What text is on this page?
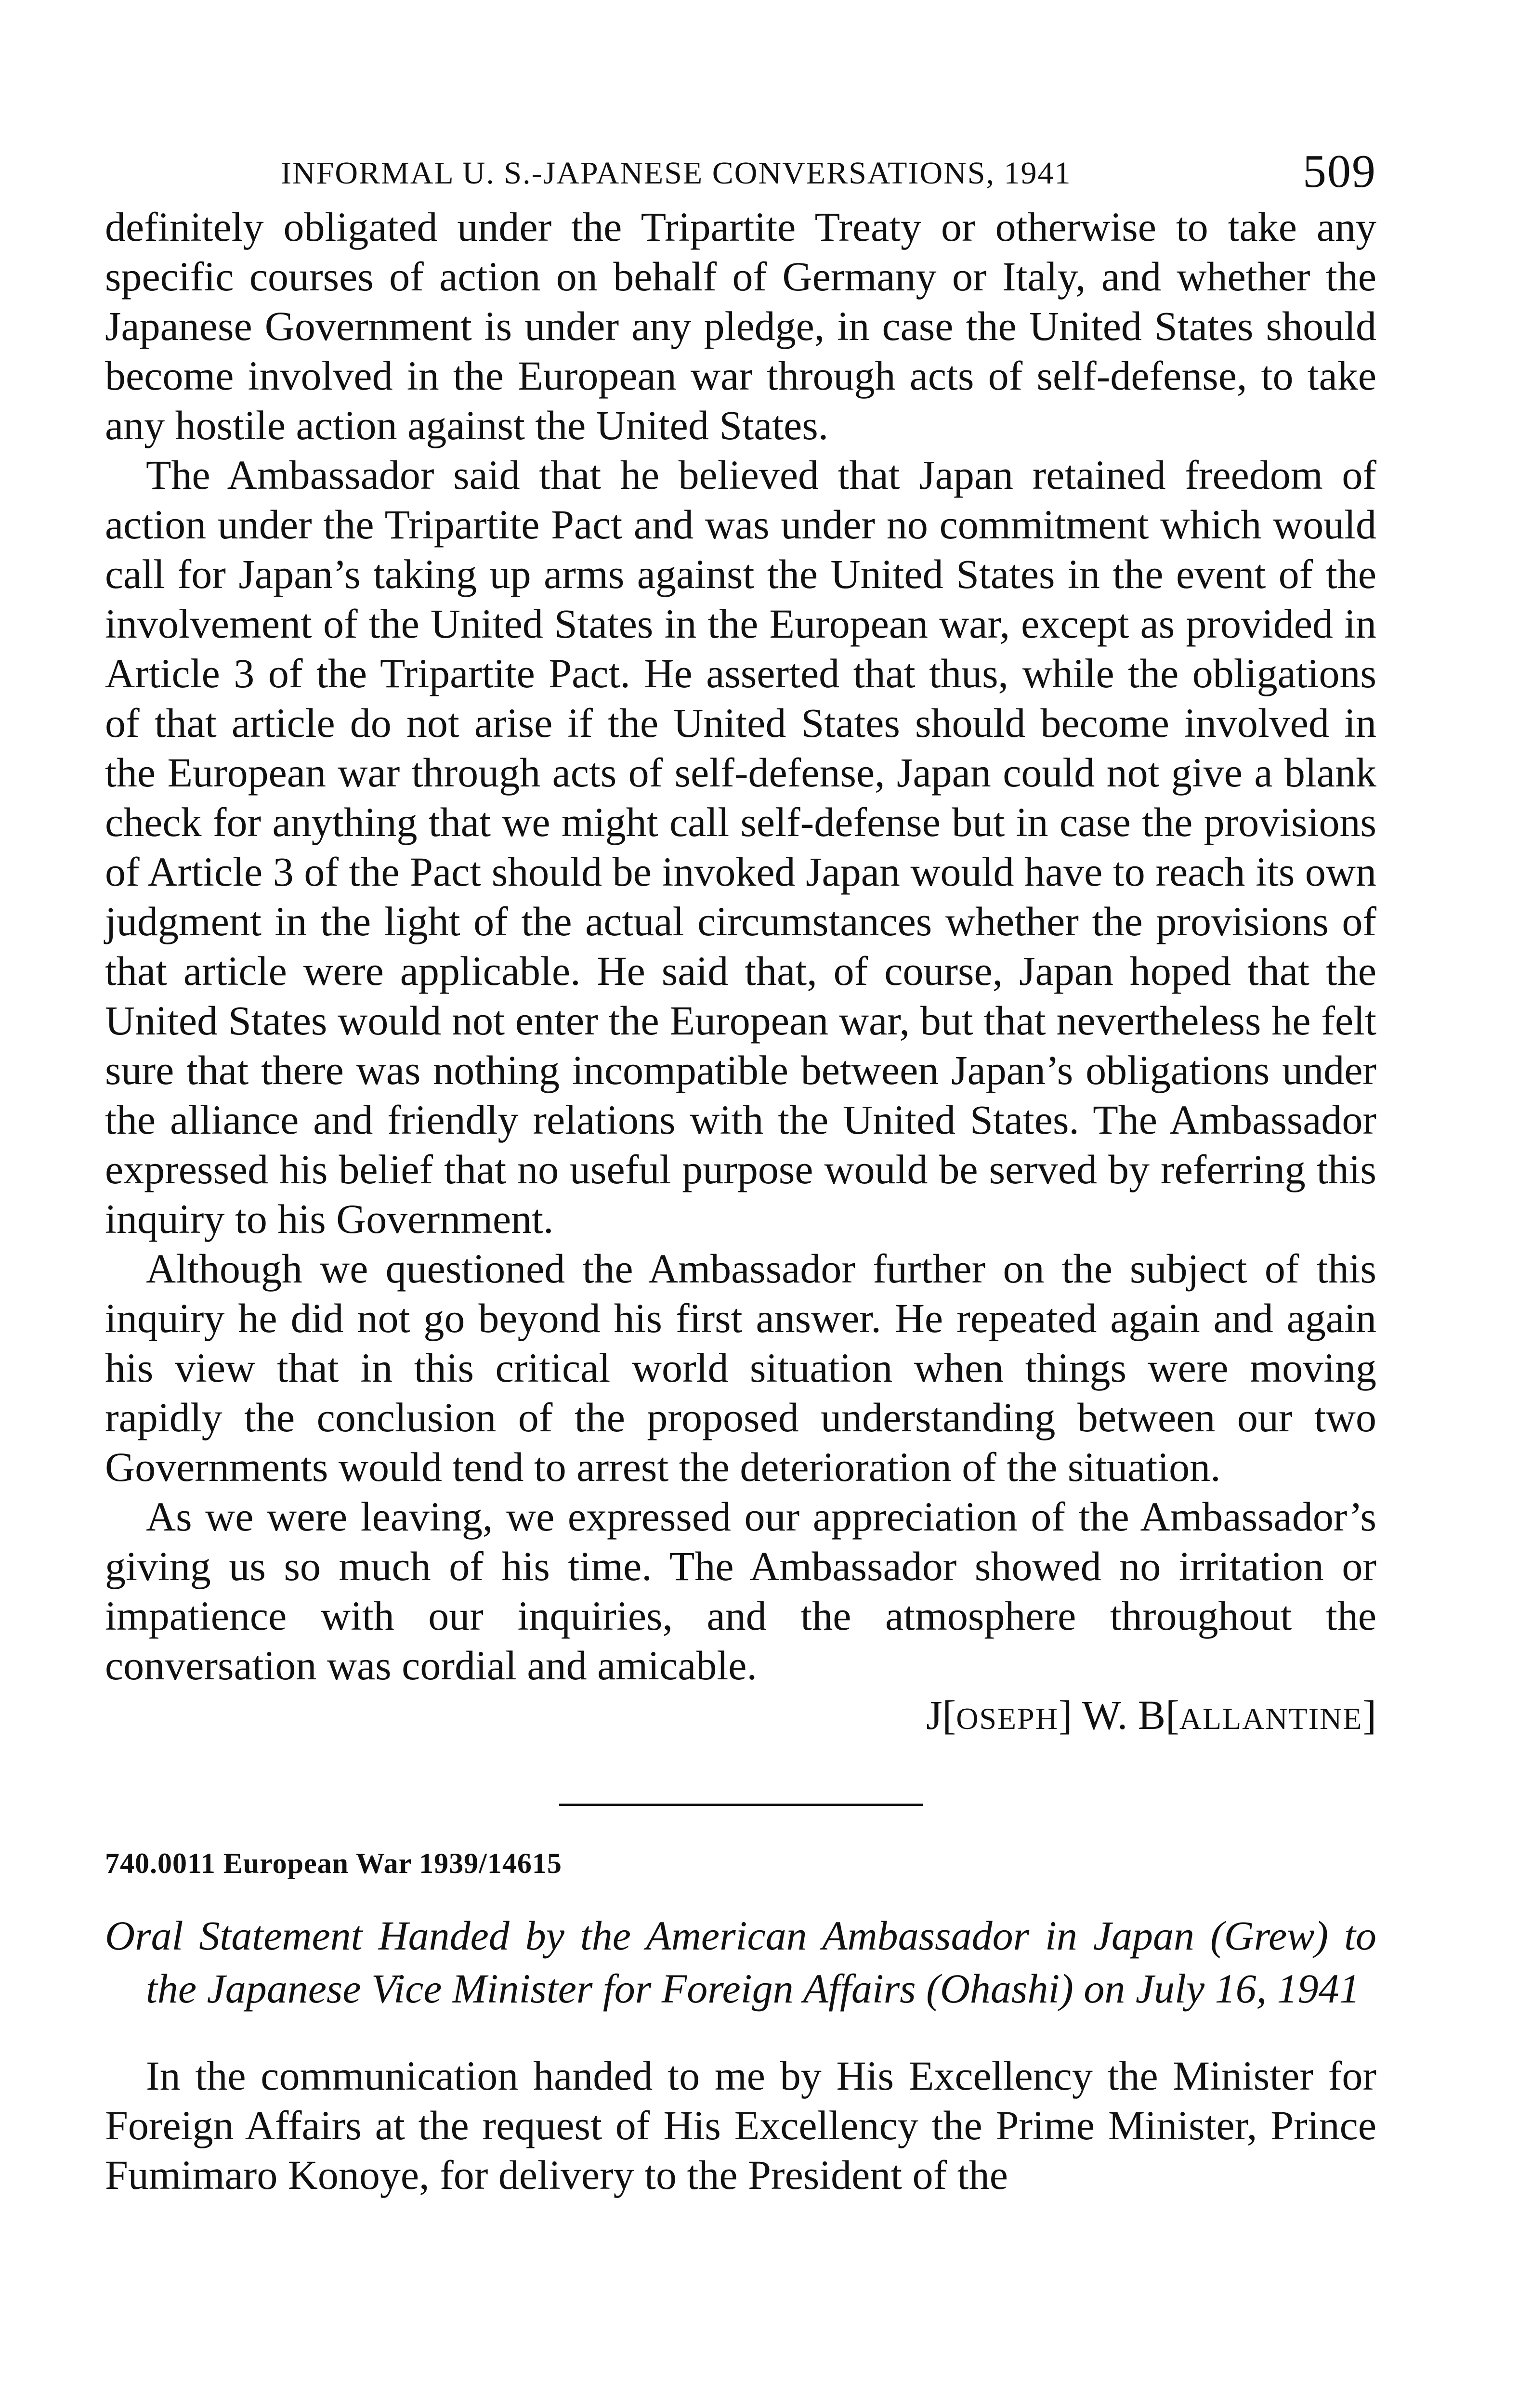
INFORMAL U. S.-JAPANESE CONVERSATIONS, 1941	509

definitely obligated under the Tripartite Treaty or otherwise to take any specific courses of action on behalf of Germany or Italy, and whether the Japanese Government is under any pledge, in case the United States should become involved in the European war through acts of self-defense, to take any hostile action against the United States.

The Ambassador said that he believed that Japan retained freedom of action under the Tripartite Pact and was under no commitment which would call for Japan’s taking up arms against the United States in the event of the involvement of the United States in the European war, except as provided in Article 3 of the Tripartite Pact. He asserted that thus, while the obligations of that article do not arise if the United States should become involved in the European war through acts of self-defense, Japan could not give a blank check for anything that we might call self-defense but in case the provisions of Article 3 of the Pact should be invoked Japan would have to reach its own judgment in the light of the actual circumstances whether the provisions of that article were applicable. He said that, of course, Japan hoped that the United States would not enter the European war, but that nevertheless he felt sure that there was nothing incompatible between Japan’s obligations under the alliance and friendly relations with the United States. The Ambassador expressed his belief that no useful purpose would be served by referring this inquiry to his Government.

Although we questioned the Ambassador further on the subject of this inquiry he did not go beyond his first answer. He repeated again and again his view that in this critical world situation when things were moving rapidly the conclusion of the proposed understanding between our two Governments would tend to arrest the deterioration of the situation.

As we were leaving, we expressed our appreciation of the Ambassador’s giving us so much of his time. The Ambassador showed no irritation or impatience with our inquiries, and the atmosphere throughout the conversation was cordial and amicable.

J[OSEPH] W. B[ALLANTINE]
740.0011 European War 1939/14615
Oral Statement Handed by the American Ambassador in Japan (Grew) to the Japanese Vice Minister for Foreign Affairs (Ohashi) on July 16, 1941

In the communication handed to me by His Excellency the Minister for Foreign Affairs at the request of His Excellency the Prime Minister, Prince Fumimaro Konoye, for delivery to the President of the
